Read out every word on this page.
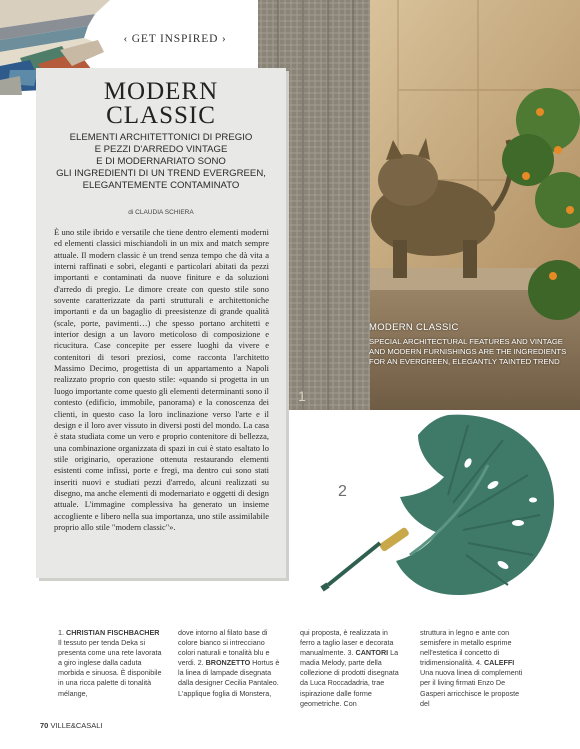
‹ GET INSPIRED ›
MODERN
CLASSIC
ELEMENTI ARCHITETTONICI DI PREGIO
E PEZZI D'ARREDO VINTAGE
E DI MODERNARIATO SONO
GLI INGREDIENTI DI UN TREND EVERGREEN,
ELEGANTEMENTE CONTAMINATO
di CLAUDIA SCHIERA
È uno stile ibrido e versatile che tiene dentro elementi moderni ed elementi classici mischiandoli in un mix and match sempre attuale. Il modern classic è un trend senza tempo che dà vita a interni raffinati e sobri, eleganti e particolari abitati da pezzi importanti e contaminati da nuove finiture e da soluzioni d'arredo di pregio. Le dimore create con questo stile sono sovente caratterizzate da parti strutturali e architettoniche importanti e da un bagaglio di preesistenze di grande qualità (scale, porte, pavimenti…) che spesso portano architetti e interior design a un lavoro meticoloso di composizione e ricucitura. Case concepite per essere luoghi da vivere e contenitori di tesori preziosi, come racconta l'architetto Massimo Decimo, progettista di un appartamento a Napoli realizzato proprio con questo stile: «quando si progetta in un luogo importante come questo gli elementi determinanti sono il contesto (edificio, immobile, panorama) e la conoscenza dei clienti, in questo caso la loro inclinazione verso l'arte e il design e il loro aver vissuto in diversi posti del mondo. La casa è stata studiata come un vero e proprio contenitore di bellezza, una combinazione organizzata di spazi in cui è stato esaltato lo stile originario, operazione ottenuta restaurando elementi esistenti come infissi, porte e fregi, ma dentro cui sono stati inseriti nuovi e studiati pezzi d'arredo, alcuni realizzati su disegno, ma anche elementi di modernariato e oggetti di design attuale. L'immagine complessiva ha generato un insieme accogliente e libero nella sua importanza, uno stile assimilabile proprio allo stile "modern classic"».
MODERN CLASSIC
SPECIAL ARCHITECTURAL FEATURES AND VINTAGE AND MODERN FURNISHINGS ARE THE INGREDIENTS FOR AN EVERGREEN, ELEGANTLY TAINTED TREND
1
2
1. CHRISTIAN FISCHBACHER Il tessuto per tenda Deka si presenta come una rete lavorata a giro inglese dalla caduta morbida e sinuosa. È disponibile in una ricca palette di tonalità mélange,
dove intorno al filato base di colore bianco si intrecciano colori naturali e tonalità blu e verdi. 2. BRONZETTO Hortus è la linea di lampade disegnata dalla designer Cecilia Pantaleo. L'applique foglia di Monstera,
qui proposta, è realizzata in ferro a taglio laser e decorata manualmente. 3. CANTORI La madia Melody, parte della collezione di prodotti disegnata da Luca Roccadadria, trae ispirazione dalle forme geometriche. Con
struttura in legno e ante con semisfere in metallo esprime nell'estetica il concetto di tridimensionalità. 4. CALEFFI Una nuova linea di complementi per il living firmati Enzo De Gasperi arricchisce le proposte del
70 VILLE&CASALI
